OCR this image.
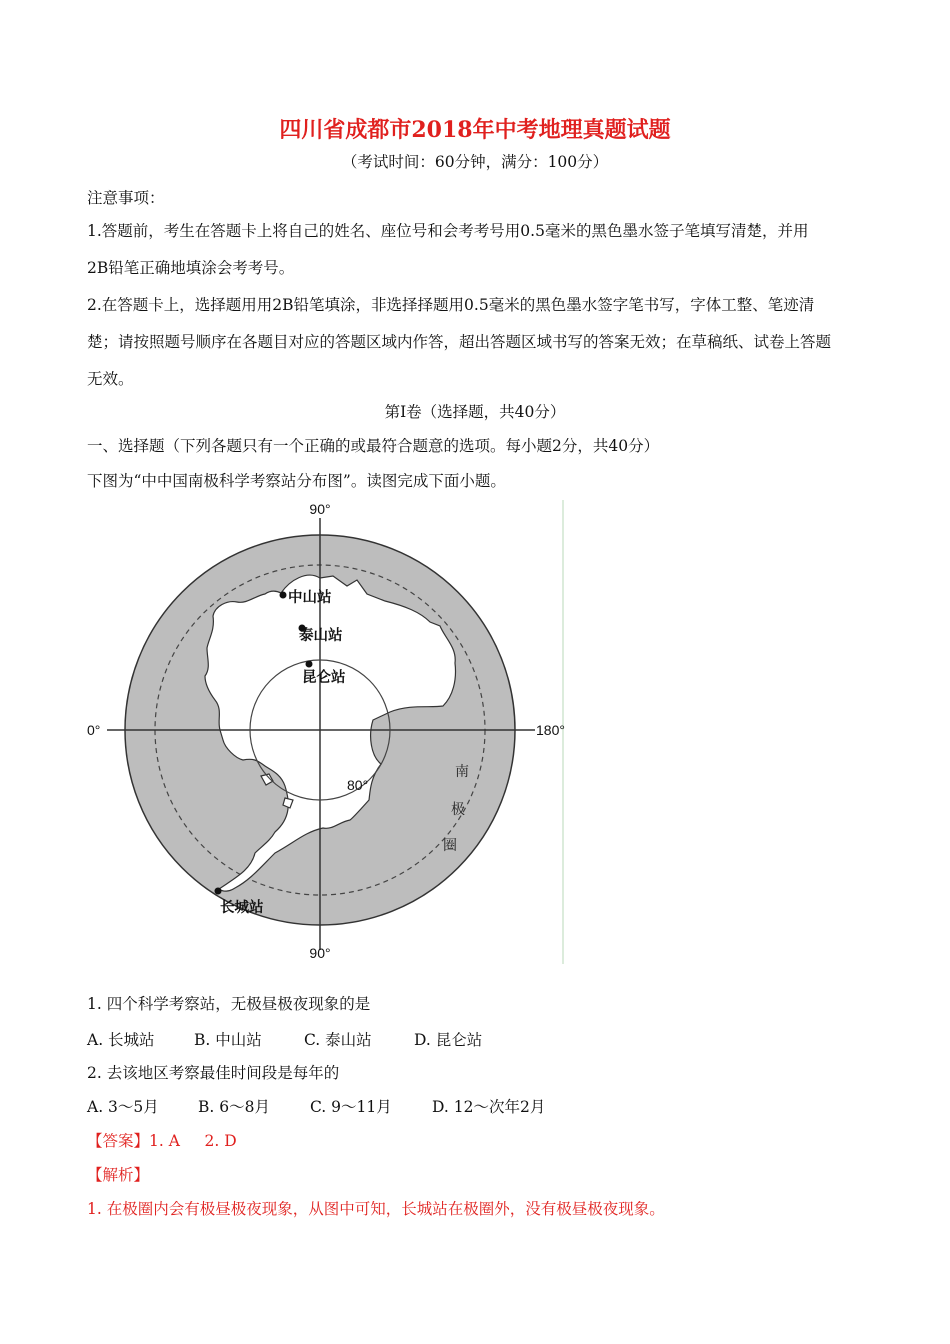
四川省成都市2018年中考地理真题试题
（考试时间：60分钟，满分：100分）
注意事项：
1.答题前，考生在答题卡上将自己的姓名、座位号和会考考号用0.5毫米的黑色墨水签子笔填写清楚，并用
2B铅笔正确地填涂会考考号。
2.在答题卡上，选择题用用2B铅笔填涂，非选择择题用0.5毫米的黑色墨水签字笔书写，字体工整、笔迹清
楚；请按照题号顺序在各题目对应的答题区域内作答，超出答题区域书写的答案无效；在草稿纸、试卷上答题
无效。
第Ⅰ卷（选择题，共40分）
一、选择题（下列各题只有一个正确的或最符合题意的选项。每小题2分，共40分）
下图为“中中国南极科学考察站分布图”。读图完成下面小题。
90°
90°
0°	180°
80°
中山站
泰山站
昆仑站
长城站
南
极
圈
1. 四个科学考察站，无极昼极夜现象的是
A. 长城站	B. 中山站	C. 泰山站	D. 昆仑站
2. 去该地区考察最佳时间段是每年的
A. 3～5月	B. 6～8月	C. 9～11月	D. 12～次年2月
【答案】1. A     2. D
【解析】
1. 在极圈内会有极昼极夜现象，从图中可知，长城站在极圈外，没有极昼极夜现象。
